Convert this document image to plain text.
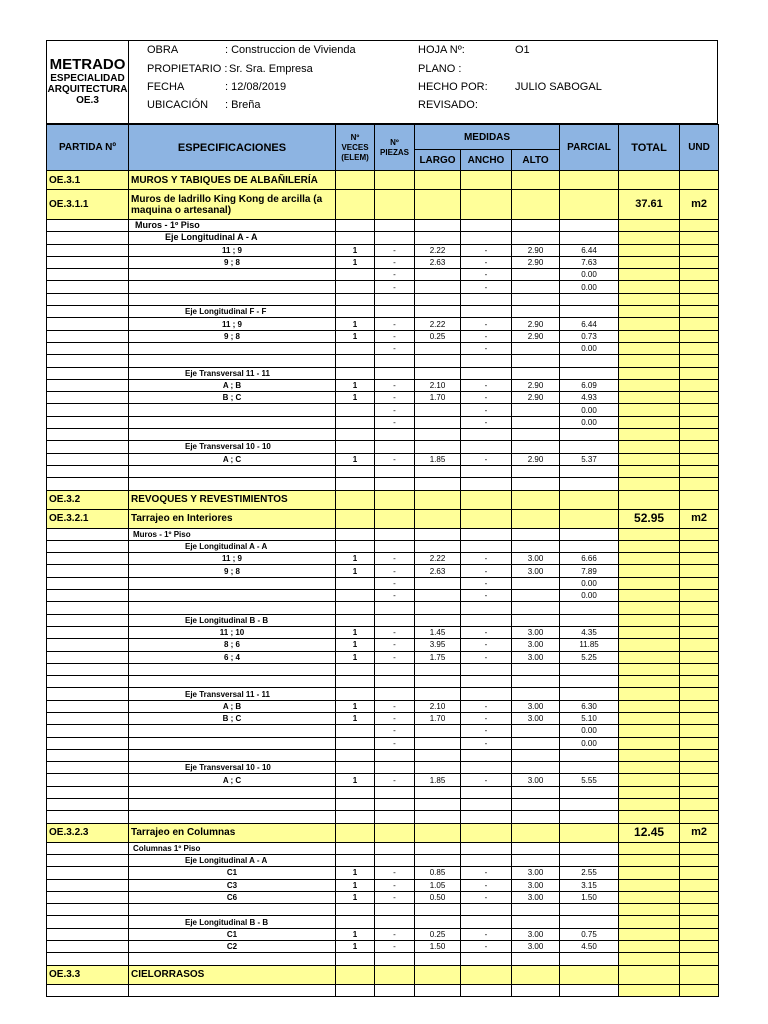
METRADO
ESPECIALIDAD
ARQUITECTURA
OE.3
OBRA	: Construccion de Vivienda
PROPIETARIO : Sr. Sra. Empresa
FECHA	: 12/08/2019
UBICACIÓN : Breña
HOJA Nº:	O1
PLANO :
HECHO POR: JULIO SABOGAL
REVISADO:
PARTIDA Nº	ESPECIFICACIONES	Nº VECES (ELEM)	Nº PIEZAS	MEDIDAS			PARCIAL	TOTAL	UND
				LARGO	ANCHO	ALTO			
OE.3.1	MUROS Y TABIQUES DE ALBAÑILERÍA								
OE.3.1.1	Muros de ladrillo King Kong de arcilla (a maquina o artesanal)							37.61	m2
	Muros - 1º Piso								
	Eje Longitudinal A - A								
	11 ; 9	1	-	2.22	-	2.90	6.44		
	9 ; 8	1	-	2.63	-	2.90	7.63		
			-		-		0.00		
			-		-		0.00		

	Eje Longitudinal F - F								
	11 ; 9	1	-	2.22	-	2.90	6.44		
	9 ; 8	1	-	0.25	-	2.90	0.73		
			-		-		0.00		

	Eje Transversal 11 - 11								
	A ; B	1	-	2.10	-	2.90	6.09		
	B ; C	1	-	1.70	-	2.90	4.93		
			-		-		0.00		
			-		-		0.00		

	Eje Transversal 10 - 10								
	A ; C	1	-	1.85	-	2.90	5.37		

OE.3.2	REVOQUES Y REVESTIMIENTOS								
OE.3.2.1	Tarrajeo en Interiores							52.95	m2
	Muros - 1º Piso								
	Eje Longitudinal A - A								
	11 ; 9	1	-	2.22	-	3.00	6.66		
	9 ; 8	1	-	2.63	-	3.00	7.89		
			-		-		0.00		
			-		-		0.00		

	Eje Longitudinal B - B								
	11 ; 10	1	-	1.45	-	3.00	4.35		
	8 ; 6	1	-	3.95	-	3.00	11.85		
	6 ; 4	1	-	1.75	-	3.00	5.25		

	Eje Transversal 11 - 11								
	A ; B	1	-	2.10	-	3.00	6.30		
	B ; C	1	-	1.70	-	3.00	5.10		
			-		-		0.00		
			-		-		0.00		

	Eje Transversal 10 - 10								
	A ; C	1	-	1.85	-	3.00	5.55		

OE.3.2.3	Tarrajeo en Columnas							12.45	m2
	Columnas 1º Piso								
	Eje Longitudinal A - A								
	C1	1	-	0.85	-	3.00	2.55		
	C3	1	-	1.05	-	3.00	3.15		
	C6	1	-	0.50	-	3.00	1.50		

	Eje Longitudinal B - B								
	C1	1	-	0.25	-	3.00	0.75		
	C2	1	-	1.50	-	3.00	4.50		

OE.3.3	CIELORRASOS								
